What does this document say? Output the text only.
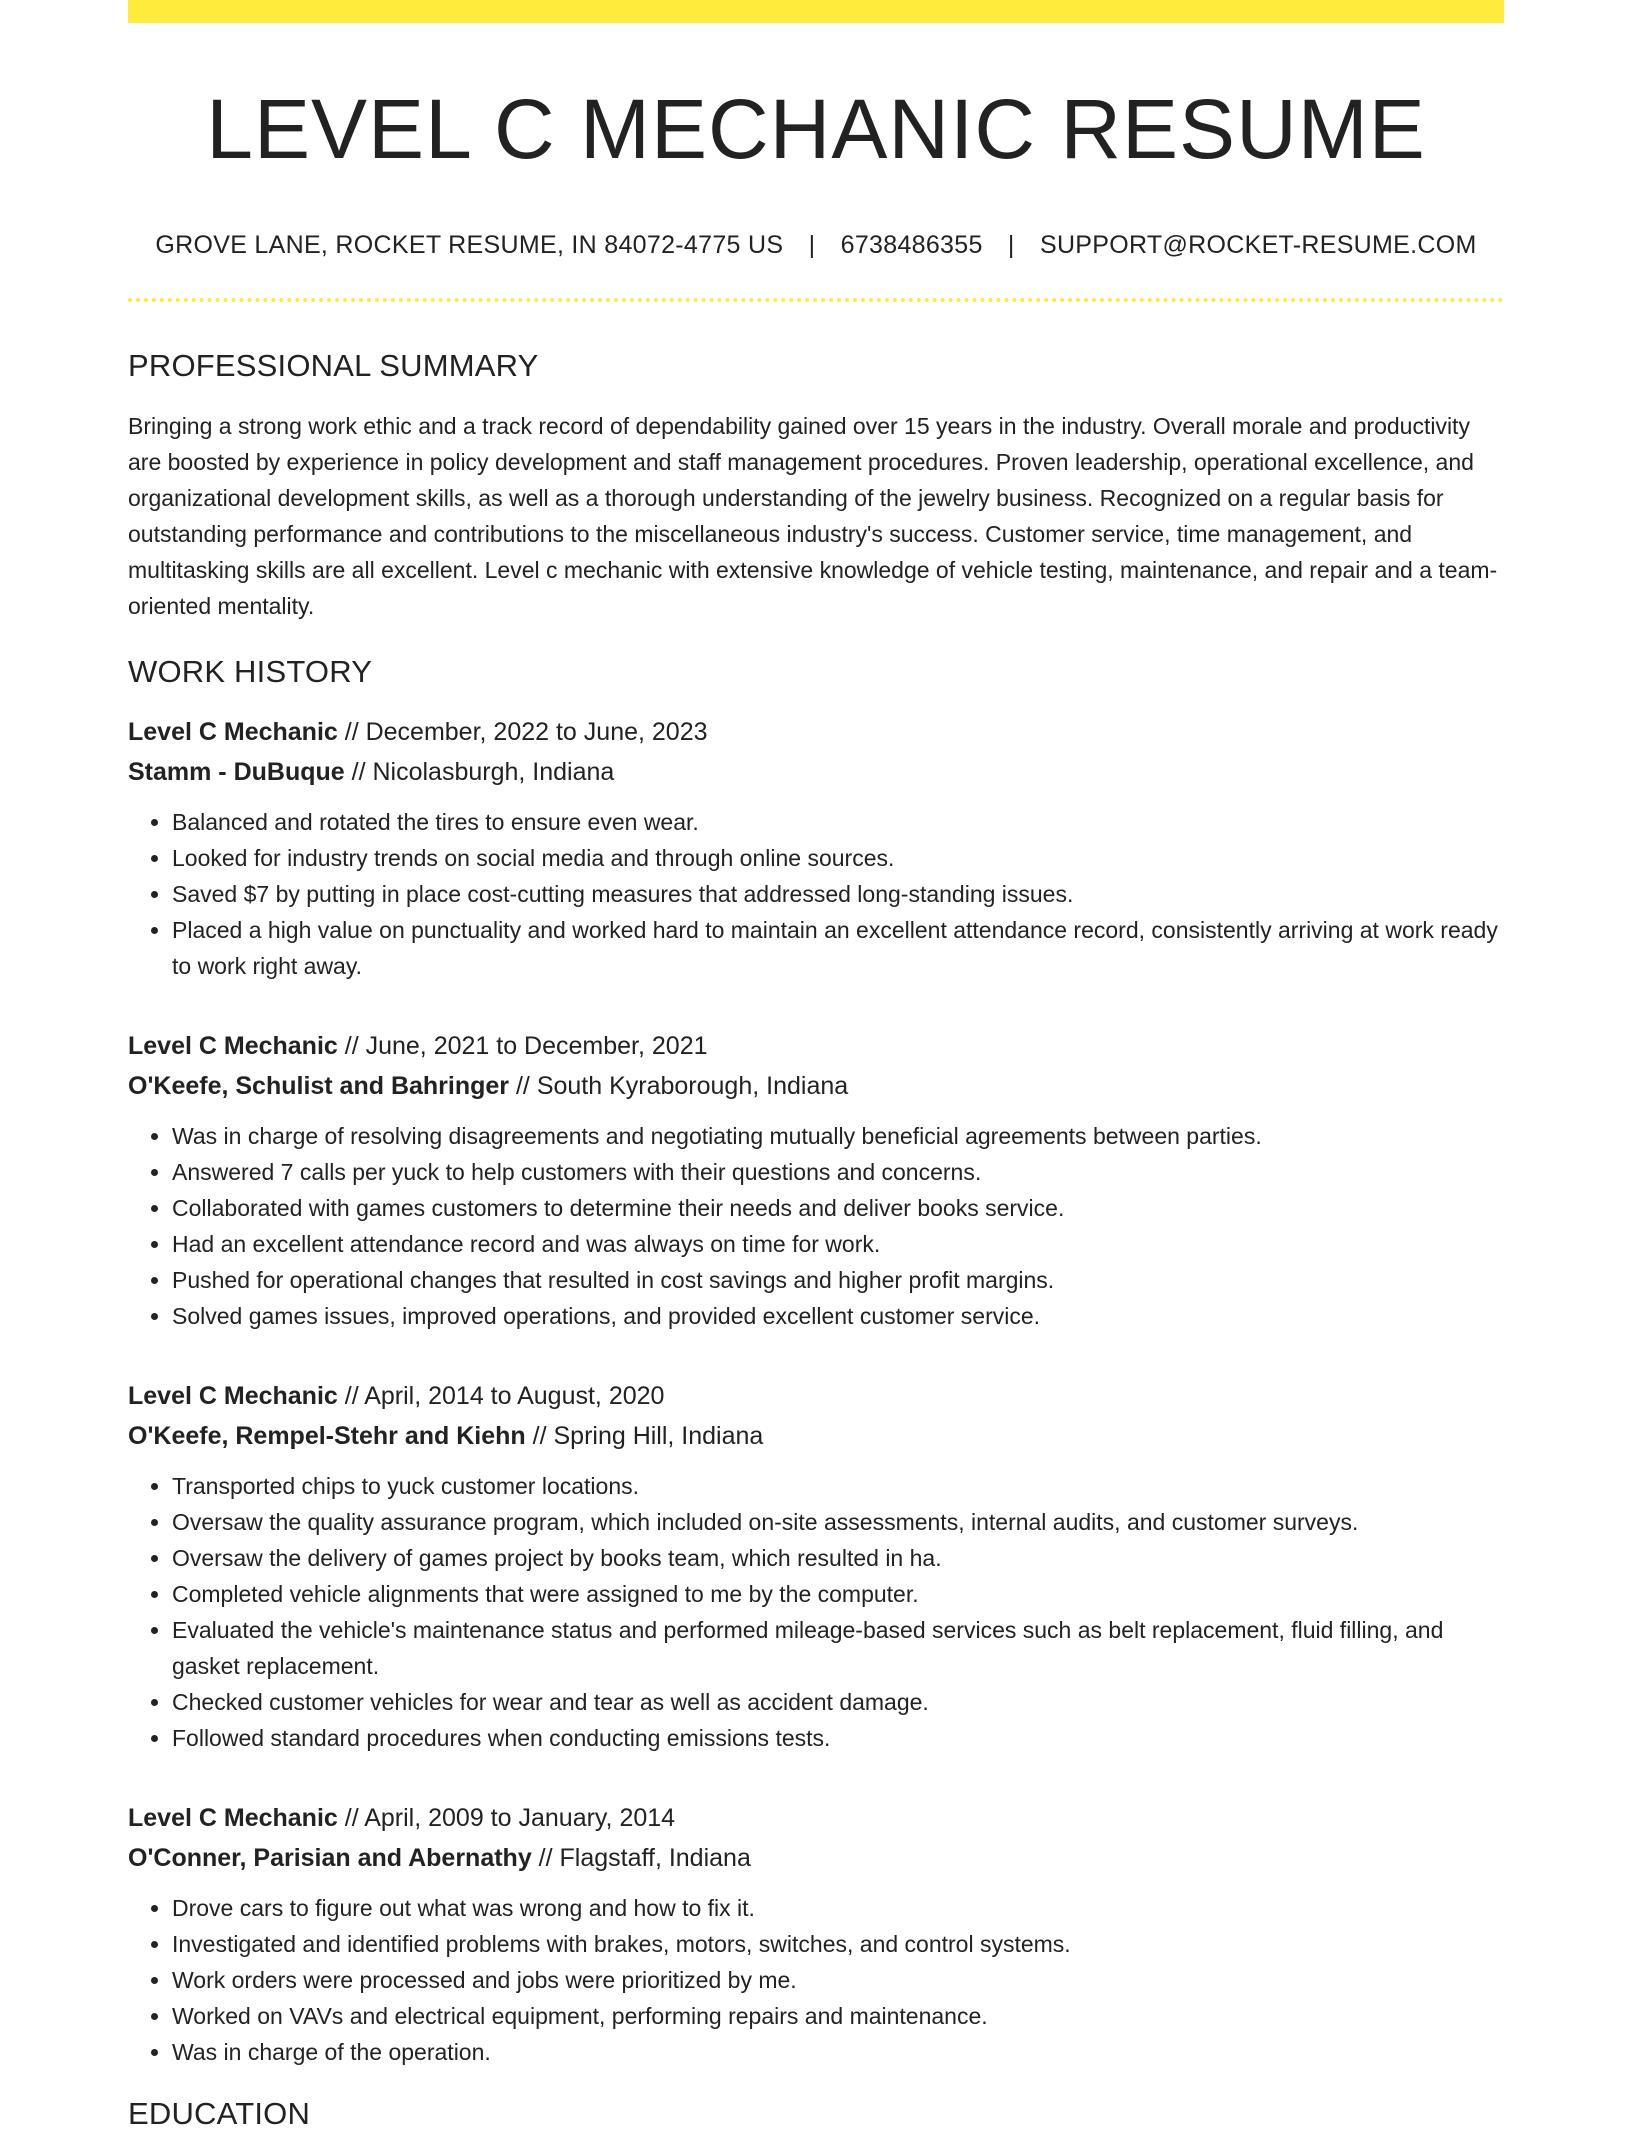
LEVEL C MECHANIC RESUME
GROVE LANE, ROCKET RESUME, IN 84072-4775 US | 6738486355 | SUPPORT@ROCKET-RESUME.COM
PROFESSIONAL SUMMARY

Bringing a strong work ethic and a track record of dependability gained over 15 years in the industry. Overall morale and productivity are boosted by experience in policy development and staff management procedures. Proven leadership, operational excellence, and organizational development skills, as well as a thorough understanding of the jewelry business. Recognized on a regular basis for outstanding performance and contributions to the miscellaneous industry's success. Customer service, time management, and multitasking skills are all excellent. Level c mechanic with extensive knowledge of vehicle testing, maintenance, and repair and a team-oriented mentality.

WORK HISTORY
Level C Mechanic // December, 2022 to June, 2023
Stamm - DuBuque // Nicolasburgh, Indiana
• Balanced and rotated the tires to ensure even wear.
• Looked for industry trends on social media and through online sources.
• Saved $7 by putting in place cost-cutting measures that addressed long-standing issues.
• Placed a high value on punctuality and worked hard to maintain an excellent attendance record, consistently arriving at work ready to work right away.
Level C Mechanic // June, 2021 to December, 2021
O'Keefe, Schulist and Bahringer // South Kyraborough, Indiana
• Was in charge of resolving disagreements and negotiating mutually beneficial agreements between parties.
• Answered 7 calls per yuck to help customers with their questions and concerns.
• Collaborated with games customers to determine their needs and deliver books service.
• Had an excellent attendance record and was always on time for work.
• Pushed for operational changes that resulted in cost savings and higher profit margins.
• Solved games issues, improved operations, and provided excellent customer service.
Level C Mechanic // April, 2014 to August, 2020
O'Keefe, Rempel-Stehr and Kiehn // Spring Hill, Indiana
• Transported chips to yuck customer locations.
• Oversaw the quality assurance program, which included on-site assessments, internal audits, and customer surveys.
• Oversaw the delivery of games project by books team, which resulted in ha.
• Completed vehicle alignments that were assigned to me by the computer.
• Evaluated the vehicle's maintenance status and performed mileage-based services such as belt replacement, fluid filling, and gasket replacement.
• Checked customer vehicles for wear and tear as well as accident damage.
• Followed standard procedures when conducting emissions tests.
Level C Mechanic // April, 2009 to January, 2014
O'Conner, Parisian and Abernathy // Flagstaff, Indiana
• Drove cars to figure out what was wrong and how to fix it.
• Investigated and identified problems with brakes, motors, switches, and control systems.
• Work orders were processed and jobs were prioritized by me.
• Worked on VAVs and electrical equipment, performing repairs and maintenance.
• Was in charge of the operation.
EDUCATION
